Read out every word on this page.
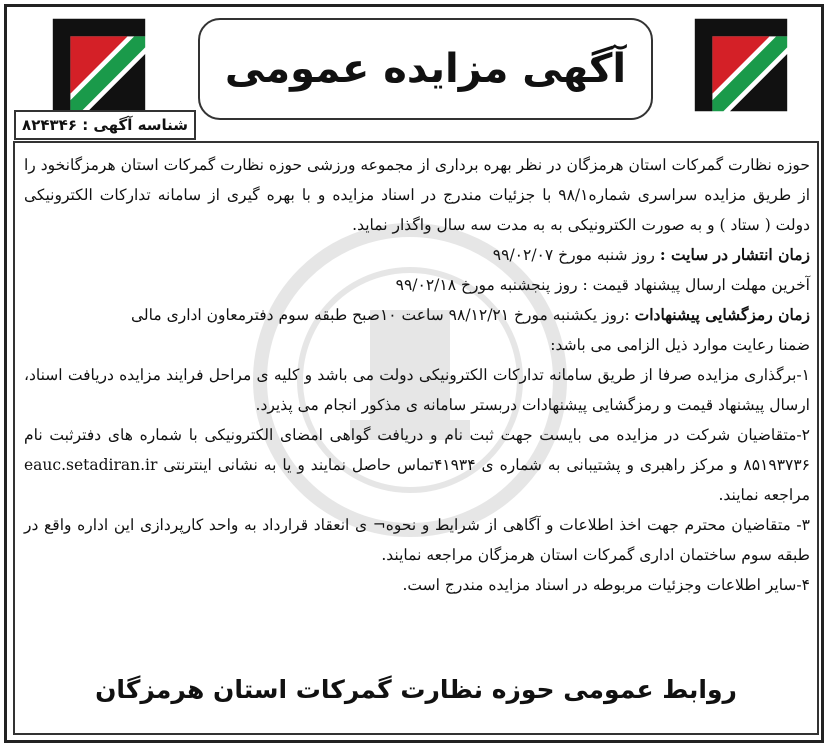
آگهی مزایده عمومی
شناسه آگهی : ۸۲۴۳۴۶

حوزه نظارت گمرکات استان هرمزگان در نظر بهره برداری از مجموعه ورزشی حوزه نظارت گمرکات استان هرمزگانخود را از طریق مزایده سراسری شماره۹۸/۱ با جزئیات مندرج در اسناد مزایده و با بهره گیری از سامانه تدارکات الکترونیکی دولت ( ستاد ) و به صورت الکترونیکی به به مدت سه سال واگذار نماید.

زمان انتشار در سایت : روز شنبه مورخ ۹۹/۰۲/۰۷

آخرین مهلت ارسال پیشنهاد قیمت : روز پنجشنبه مورخ ۹۹/۰۲/۱۸

زمان رمزگشایی پیشنهادات :روز یکشنبه مورخ ۹۸/۱۲/۲۱ ساعت ۱۰صبح طبقه سوم دفترمعاون اداری مالی

ضمنا رعایت موارد ذیل الزامی می باشد:

۱-برگذاری مزایده صرفا از طریق سامانه تدارکات الکترونیکی دولت می باشد و کلیه ی مراحل فرایند مزایده دریافت اسناد، ارسال پیشنهاد قیمت و رمزگشایی پیشنهادات دربستر سامانه ی مذکور انجام می پذیرد.

۲-متقاضیان شرکت در مزایده می بایست جهت ثبت نام و دریافت گواهی امضای الکترونیکی با شماره های دفترثبت نام ۸۵۱۹۳۷۳۶ و مرکز راهبری و پشتیبانی به شماره ی ۴۱۹۳۴تماس حاصل نمایند و یا به نشانی اینترنتی eauc.setadiran.ir مراجعه نمایند.

۳- متقاضیان محترم جهت اخذ اطلاعات و آگاهی از شرایط و نحوه¬ ی انعقاد قرارداد به واحد کارپردازی این اداره واقع در طبقه سوم ساختمان اداری گمرکات استان هرمزگان مراجعه نمایند.

۴-سایر اطلاعات وجزئیات مربوطه در اسناد مزایده مندرج است.

روابط عمومی حوزه نظارت گمرکات استان هرمزگان
